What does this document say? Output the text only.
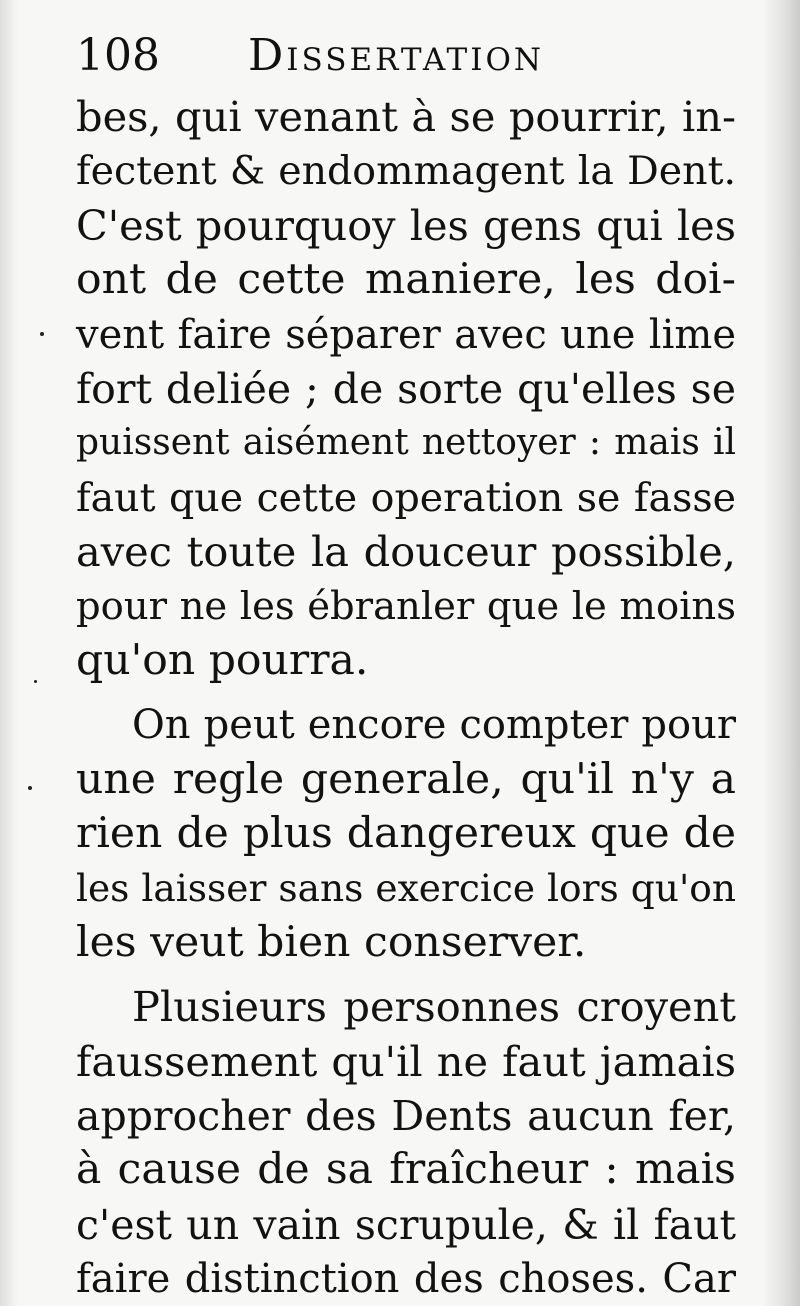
108 Dissertation
bes, qui venant à se pourrir, in-
fectent & endommagent la Dent.
C'est pourquoy les gens qui les
ont de cette maniere, les doi-
vent faire séparer avec une lime
fort deliée ; de sorte qu'elles se
puissent aisément nettoyer : mais il
faut que cette operation se fasse
avec toute la douceur possible,
pour ne les ébranler que le moins
qu'on pourra.
On peut encore compter pour
une regle generale, qu'il n'y a
rien de plus dangereux que de
les laisser sans exercice lors qu'on
les veut bien conserver.
Plusieurs personnes croyent
faussement qu'il ne faut jamais
approcher des Dents aucun fer,
à cause de sa fraîcheur : mais
c'est un vain scrupule, & il faut
faire distinction des choses. Car
